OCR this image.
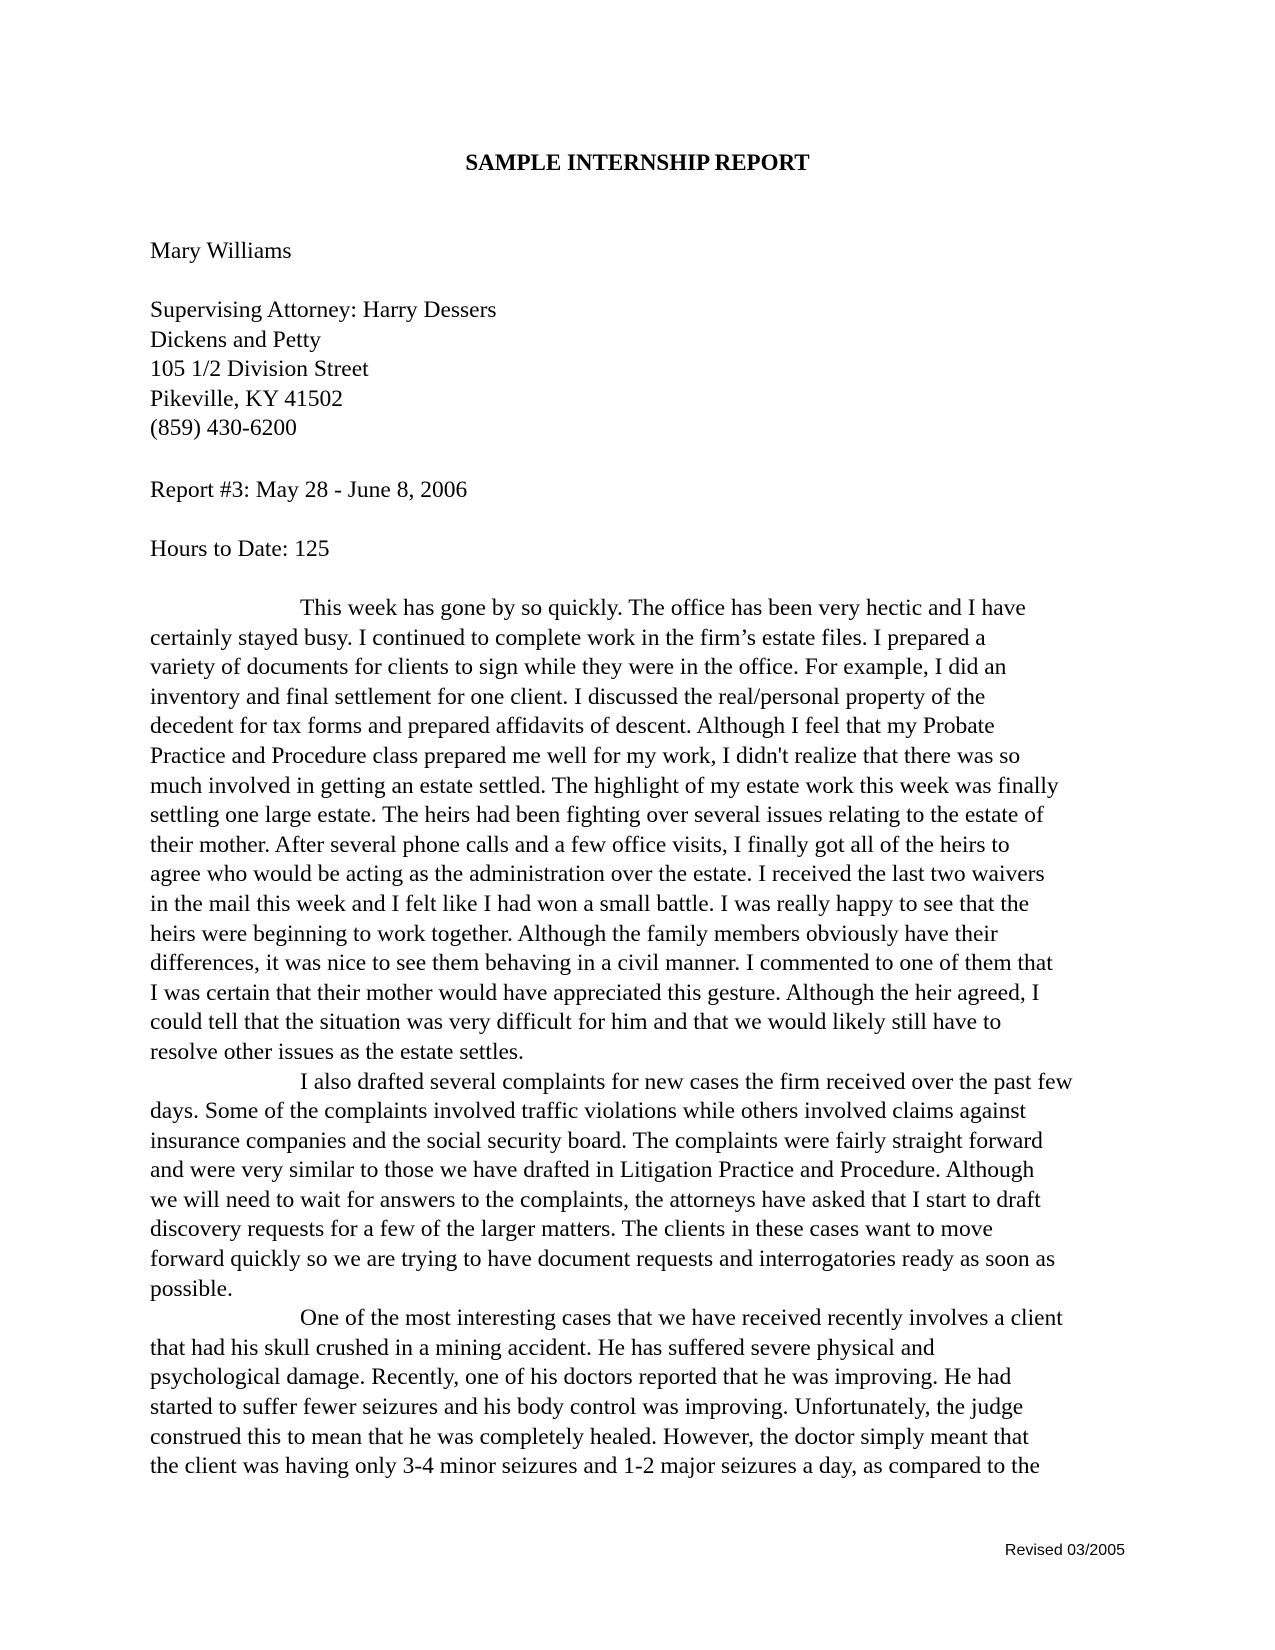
SAMPLE INTERNSHIP REPORT
Mary Williams
Supervising Attorney: Harry Dessers
Dickens and Petty
105 1/2 Division Street
Pikeville, KY 41502
(859) 430-6200
Report #3: May 28 - June 8, 2006
Hours to Date: 125
This week has gone by so quickly. The office has been very hectic and I have
certainly stayed busy. I continued to complete work in the firm’s estate files. I prepared a
variety of documents for clients to sign while they were in the office. For example, I did an
inventory and final settlement for one client. I discussed the real/personal property of the
decedent for tax forms and prepared affidavits of descent. Although I feel that my Probate
Practice and Procedure class prepared me well for my work, I didn't realize that there was so
much involved in getting an estate settled. The highlight of my estate work this week was finally
settling one large estate. The heirs had been fighting over several issues relating to the estate of
their mother. After several phone calls and a few office visits, I finally got all of the heirs to
agree who would be acting as the administration over the estate. I received the last two waivers
in the mail this week and I felt like I had won a small battle. I was really happy to see that the
heirs were beginning to work together. Although the family members obviously have their
differences, it was nice to see them behaving in a civil manner. I commented to one of them that
I was certain that their mother would have appreciated this gesture. Although the heir agreed, I
could tell that the situation was very difficult for him and that we would likely still have to
resolve other issues as the estate settles.
I also drafted several complaints for new cases the firm received over the past few
days. Some of the complaints involved traffic violations while others involved claims against
insurance companies and the social security board. The complaints were fairly straight forward
and were very similar to those we have drafted in Litigation Practice and Procedure. Although
we will need to wait for answers to the complaints, the attorneys have asked that I start to draft
discovery requests for a few of the larger matters. The clients in these cases want to move
forward quickly so we are trying to have document requests and interrogatories ready as soon as
possible.
One of the most interesting cases that we have received recently involves a client
that had his skull crushed in a mining accident. He has suffered severe physical and
psychological damage. Recently, one of his doctors reported that he was improving. He had
started to suffer fewer seizures and his body control was improving. Unfortunately, the judge
construed this to mean that he was completely healed. However, the doctor simply meant that
the client was having only 3-4 minor seizures and 1-2 major seizures a day, as compared to the
Revised 03/2005
